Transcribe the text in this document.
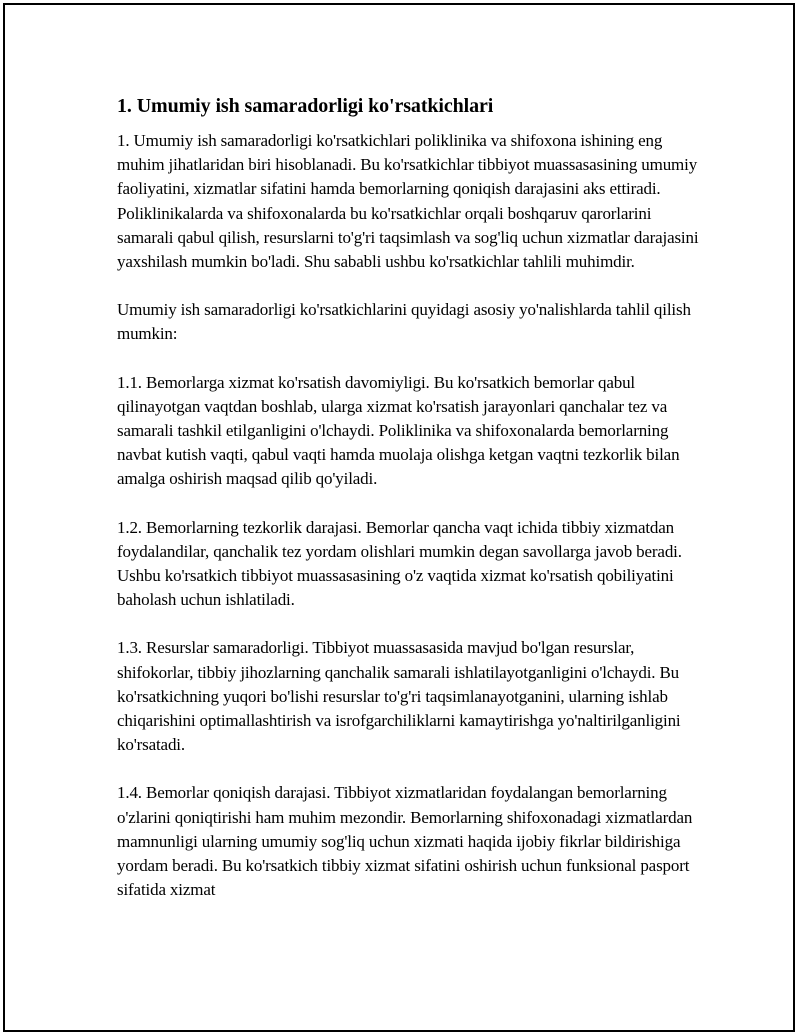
1. Umumiy ish samaradorligi ko'rsatkichlari

1. Umumiy ish samaradorligi ko'rsatkichlari poliklinika va shifoxona ishining eng muhim jihatlaridan biri hisoblanadi. Bu ko'rsatkichlar tibbiyot muassasasining umumiy faoliyatini, xizmatlar sifatini hamda bemorlarning qoniqish darajasini aks ettiradi. Poliklinikalarda va shifoxonalarda bu ko'rsatkichlar orqali boshqaruv qarorlarini samarali qabul qilish, resurslarni to'g'ri taqsimlash va sog'liq uchun xizmatlar darajasini yaxshilash mumkin bo'ladi. Shu sababli ushbu ko'rsatkichlar tahlili muhimdir.

Umumiy ish samaradorligi ko'rsatkichlarini quyidagi asosiy yo'nalishlarda tahlil qilish mumkin:

1.1. Bemorlarga xizmat ko'rsatish davomiyligi. Bu ko'rsatkich bemorlar qabul qilinayotgan vaqtdan boshlab, ularga xizmat ko'rsatish jarayonlari qanchalar tez va samarali tashkil etilganligini o'lchaydi. Poliklinika va shifoxonalarda bemorlarning navbat kutish vaqti, qabul vaqti hamda muolaja olishga ketgan vaqtni tezkorlik bilan amalga oshirish maqsad qilib qo'yiladi.

1.2. Bemorlarning tezkorlik darajasi. Bemorlar qancha vaqt ichida tibbiy xizmatdan foydalandilar, qanchalik tez yordam olishlari mumkin degan savollarga javob beradi. Ushbu ko'rsatkich tibbiyot muassasasining o'z vaqtida xizmat ko'rsatish qobiliyatini baholash uchun ishlatiladi.

1.3. Resurslar samaradorligi. Tibbiyot muassasasida mavjud bo'lgan resurslar, shifokorlar, tibbiy jihozlarning qanchalik samarali ishlatilayotganligini o'lchaydi. Bu ko'rsatkichning yuqori bo'lishi resurslar to'g'ri taqsimlanayotganini, ularning ishlab chiqarishini optimallashtirish va isrofgarchiliklarni kamaytirishga yo'naltirilganligini ko'rsatadi.

1.4. Bemorlar qoniqish darajasi. Tibbiyot xizmatlaridan foydalangan bemorlarning o'zlarini qoniqtirishi ham muhim mezondir. Bemorlarning shifoxonadagi xizmatlardan mamnunligi ularning umumiy sog'liq uchun xizmati haqida ijobiy fikrlar bildirishiga yordam beradi. Bu ko'rsatkich tibbiy xizmat sifatini oshirish uchun funksional pasport sifatida xizmat
